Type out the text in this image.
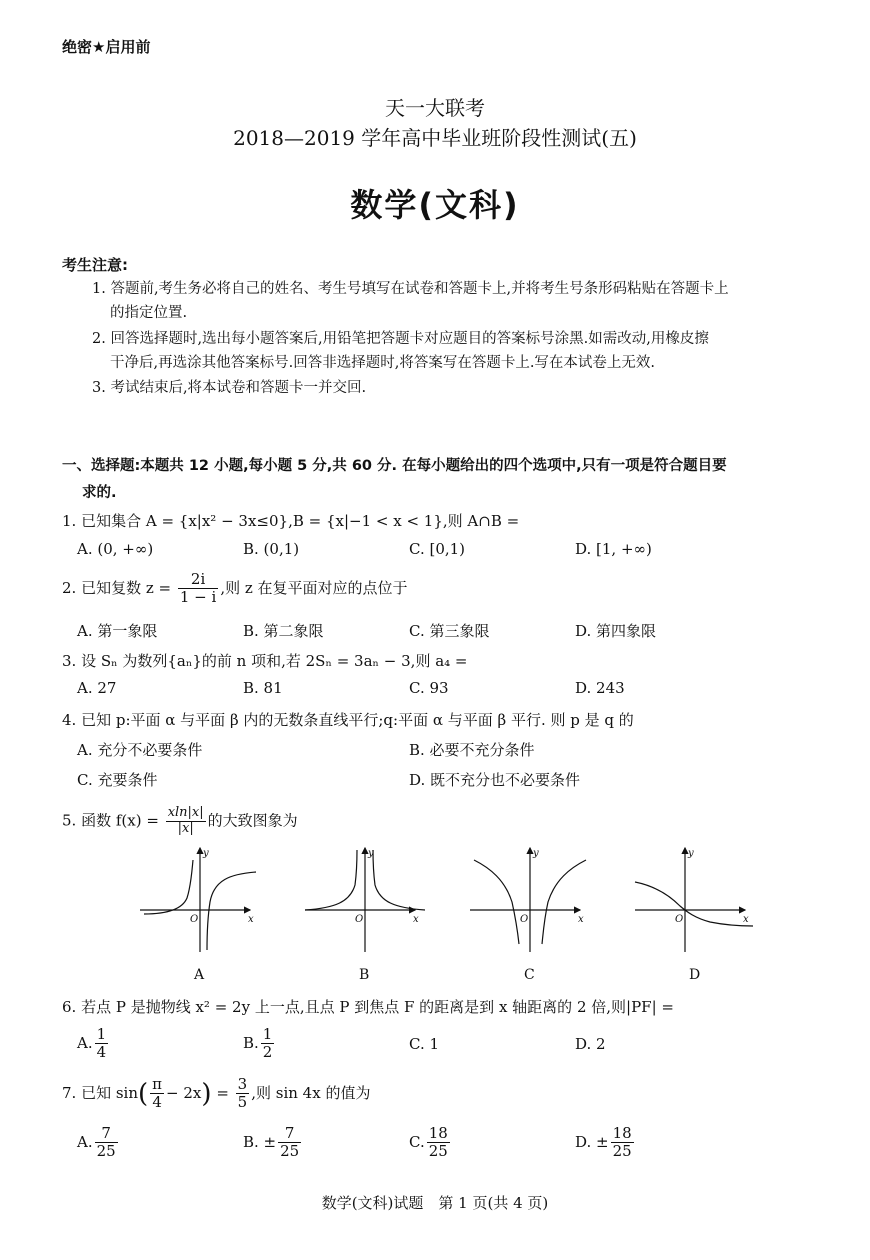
绝密★启用前
天一大联考
2018—2019 学年高中毕业班阶段性测试(五)
数学(文科)
考生注意:
1. 答题前,考生务必将自己的姓名、考生号填写在试卷和答题卡上,并将考生号条形码粘贴在答题卡上
的指定位置.
2. 回答选择题时,选出每小题答案后,用铅笔把答题卡对应题目的答案标号涂黑.如需改动,用橡皮擦
干净后,再选涂其他答案标号.回答非选择题时,将答案写在答题卡上.写在本试卷上无效.
3. 考试结束后,将本试卷和答题卡一并交回.
一、选择题:本题共 12 小题,每小题 5 分,共 60 分. 在每小题给出的四个选项中,只有一项是符合题目要
求的.
1. 已知集合 A = {x|x² − 3x≤0},B = {x|−1 < x < 1},则 A∩B =
A. (0, +∞)	B. (0,1)	C. [0,1)	D. [1, +∞)
2. 已知复数 $z = \frac{2i}{1 - i}$ ,则 z 在复平面对应的点位于
A. 第一象限	B. 第二象限	C. 第三象限	D. 第四象限
3. 设 Sₙ 为数列{aₙ}的前 n 项和,若 2Sₙ = 3aₙ − 3,则 a₄ =
A. 27	B. 81	C. 93	D. 243
4. 已知 p:平面 α 与平面 β 内的无数条直线平行;q:平面 α 与平面 β 平行. 则 p 是 q 的
A. 充分不必要条件	B. 必要不充分条件
C. 充要条件	D. 既不充分也不必要条件
5. 函数 $f(x) = \frac{xln|x|}{|x|}$ 的大致图象为
y
x
O
y
x
O
y
x
O
y
x
O
A	B	C	D
6. 若点 P 是抛物线 x² = 2y 上一点,且点 P 到焦点 F 的距离是到 x 轴距离的 2 倍,则|PF| =
A. $\frac{1}{4}$	B. $\frac{1}{2}$	C. 1	D. 2
7. 已知 $\sin( \frac{\pi}{4} - 2x) = \frac{3}{5}$ ,则 sin 4x 的值为
A. $\frac{7}{25}$	B. ± $\frac{7}{25}$	C. $\frac{18}{25}$	D. ± $\frac{18}{25}$
数学(文科)试题　第 1 页(共 4 页)
